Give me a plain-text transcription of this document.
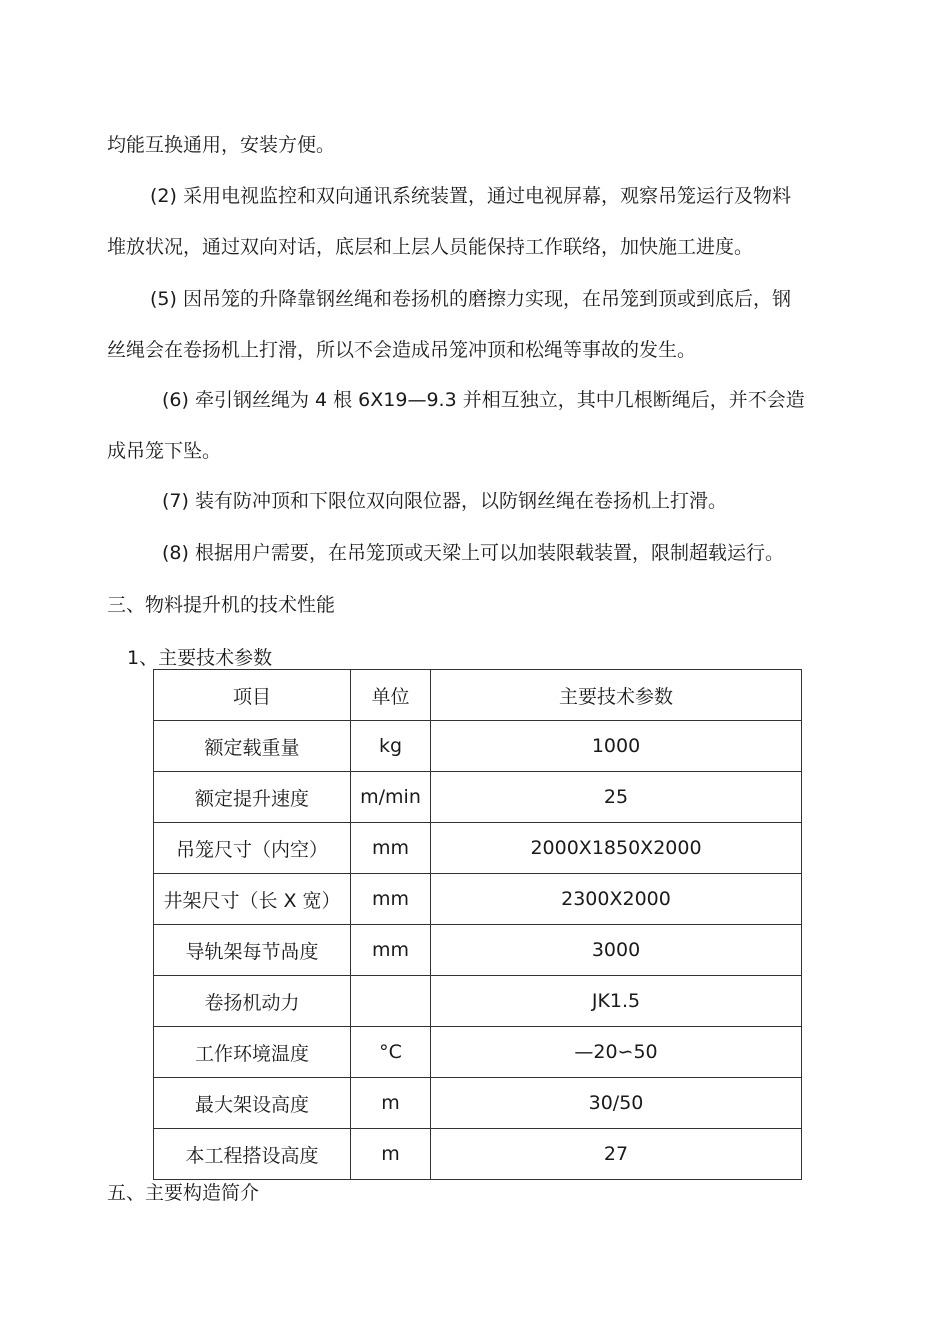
均能互换通用，安装方便。
(2) 采用电视监控和双向通讯系统装置，通过电视屏幕，观察吊笼运行及物料
堆放状况，通过双向对话，底层和上层人员能保持工作联络，加快施工进度。
(5) 因吊笼的升降靠钢丝绳和卷扬机的磨擦力实现，在吊笼到顶或到底后，钢
丝绳会在卷扬机上打滑，所以不会造成吊笼冲顶和松绳等事故的发生。
(6) 牵引钢丝绳为 4 根 6X19—9.3 并相互独立，其中几根断绳后，并不会造
成吊笼下坠。
(7) 装有防冲顶和下限位双向限位器，以防钢丝绳在卷扬机上打滑。
(8) 根据用户需要，在吊笼顶或天梁上可以加装限载装置，限制超载运行。
三、物料提升机的技术性能
1、主要技术参数
项目	单位	主要技术参数
额定载重量	kg	1000
额定提升速度	m/min	25
吊笼尺寸（内空）	mm	2000X1850X2000
井架尺寸（长 X 宽）	mm	2300X2000
导轨架每节咼度	mm	3000
卷扬机动力		JK1.5
工作环境温度	°C	—20∽50
最大架设高度	m	30/50
本工程搭设高度	m	27
五、主要构造简介
